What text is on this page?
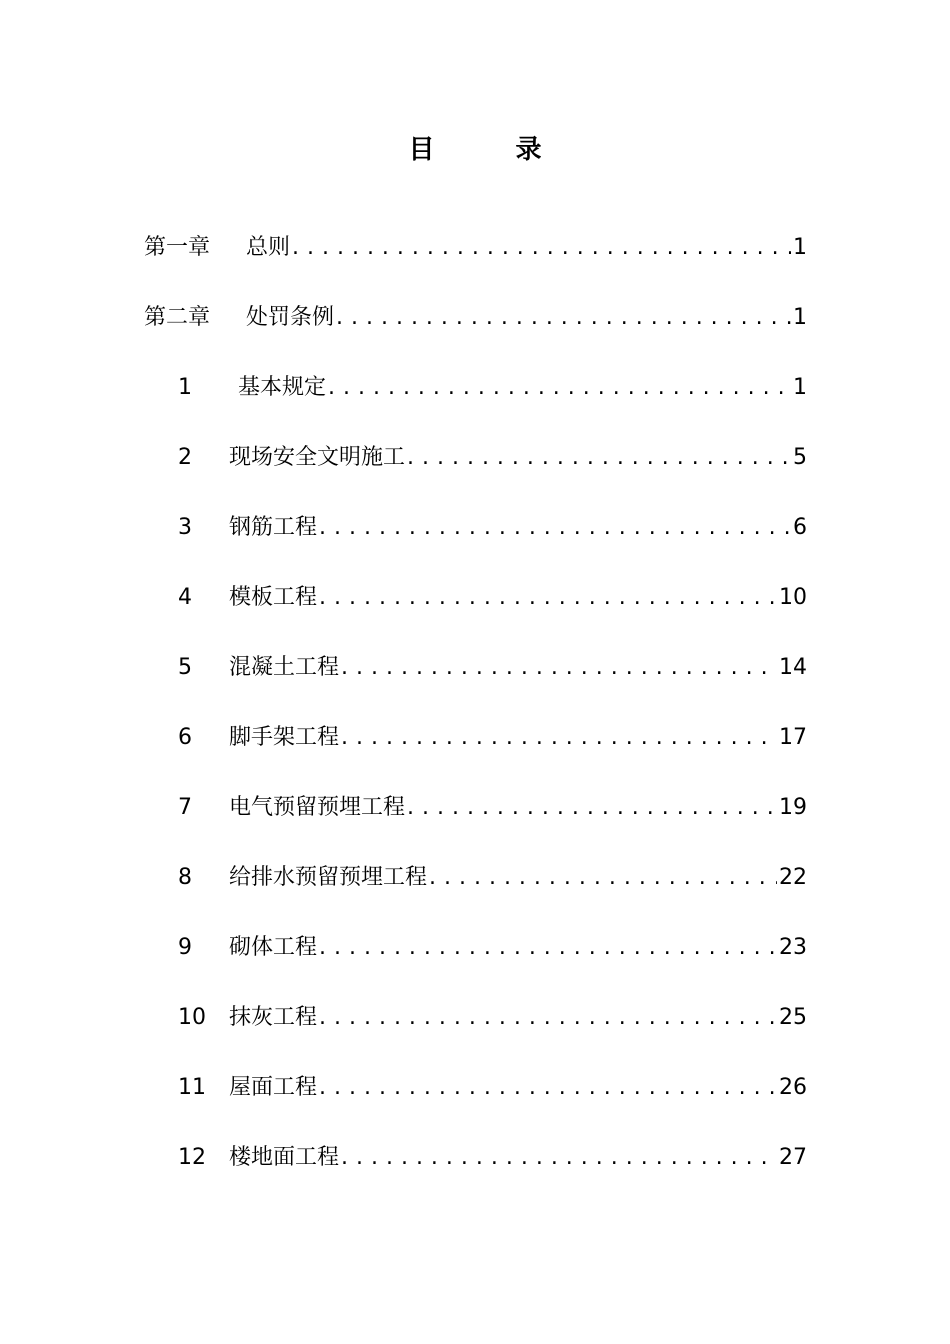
目 录
第一章	总则 . . .	1
第二章	处罚条例 . . .	1
1	基本规定 . . .	1
2	现场安全文明施工 . . .	5
3	钢筋工程 . . .	6
4	模板工程 . . .	10
5	混凝土工程 . . .	14
6	脚手架工程 . . .	17
7	电气预留预埋工程 . . .	19
8	给排水预留预埋工程 . . .	22
9	砌体工程 . . .	23
10	抹灰工程 . . .	25
11	屋面工程 . . .	26
12	楼地面工程 . . .	27
